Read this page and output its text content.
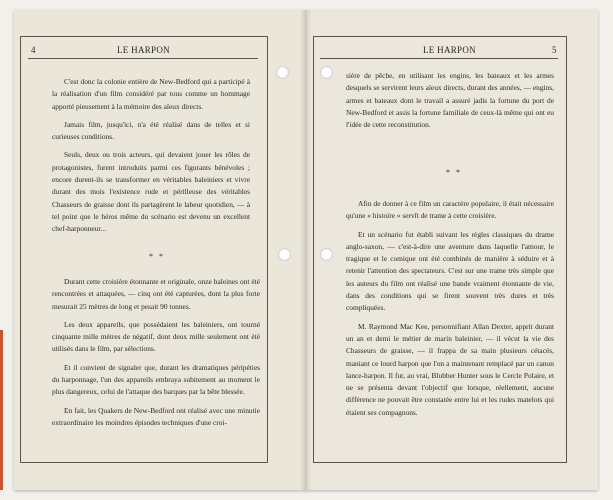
4	LE HARPON	LE HARPON	5

C'est donc la colonie entière de New-Bedford qui a participé à la réalisation d'un film considéré par tous comme un hommage apporté pieusement à la mémoire des aïeux directs.

Jamais film, jusqu'ici, n'a été réalisé dans de telles et si curieuses conditions.

Seuls, deux ou trois acteurs, qui devaient jouer les rôles de protagonistes, furent introduits parmi ces figurants bénévoles ; encore durent-ils se transformer en véritables baleiniers et vivre durant des mois l'existence rude et périlleuse des véritables Chasseurs de graisse dont ils partagèrent le labeur quotidien, — à tel point que le héros même du scénario est devenu un excellent chef-harponneur...

* *

Durant cette croisière étonnante et originale, onze baleines ont été rencontrées et attaquées, — cinq ont été capturées, dont la plus forte mesurait 25 mètres de long et pesait 90 tonnes.

Les deux appareils, que possédaient les baleiniers, ont tourné cinquante mille mètres de négatif, dont deux mille seulement ont été utilisés dans le film, par sélections.

Et il convient de signaler que, durant les dramatiques péripéties du harponnage, l'un des appareils embraya subitement au moment le plus dangereux, celui de l'attaque des barques par la bête blessée.

En fait, les Quakers de New-Bedford ont réalisé avec une minutie extraordinaire les moindres épisodes techniques d'une croi-

sière de pêche, en utilisant les engins, les bateaux et les armes desquels se servirent leurs aïeux directs, durant des années, — engins, armes et bateaux dont le travail a assuré jadis la fortune du port de New-Bedford et assis la fortune familiale de ceux-là même qui ont eu l'idée de cette reconstitution.

* *

Afin de donner à ce film un caractère populaire, il était nécessaire qu'une « histoire » servît de trame à cette croisière.

Et un scénario fut établi suivant les règles classiques du drame anglo-saxon, — c'est-à-dire une aventure dans laquelle l'amour, le tragique et le comique ont été combinés de manière à séduire et à retenir l'attention des spectateurs. C'est sur une trame très simple que les auteurs du film ont réalisé une bande vraiment étonnante de vie, dans des conditions qui se firent souvent très dures et très compliquées.

M. Raymond Mac Kee, personnifiant Allan Dexter, apprit durant un an et demi le métier de marin baleinier, — il vécut la vie des Chasseurs de graisse, — il frappa de sa main plusieurs cétacés, maniant ce lourd harpon que l'on a maintenant remplacé par un canon lance-harpon. Il fut, au vrai, Blubber Hunter sous le Cercle Polaire, et ne se présenta devant l'objectif que lorsque, réellement, aucune différence ne pouvait être constatée entre lui et les rudes matelots qui étaient ses compagnons.
